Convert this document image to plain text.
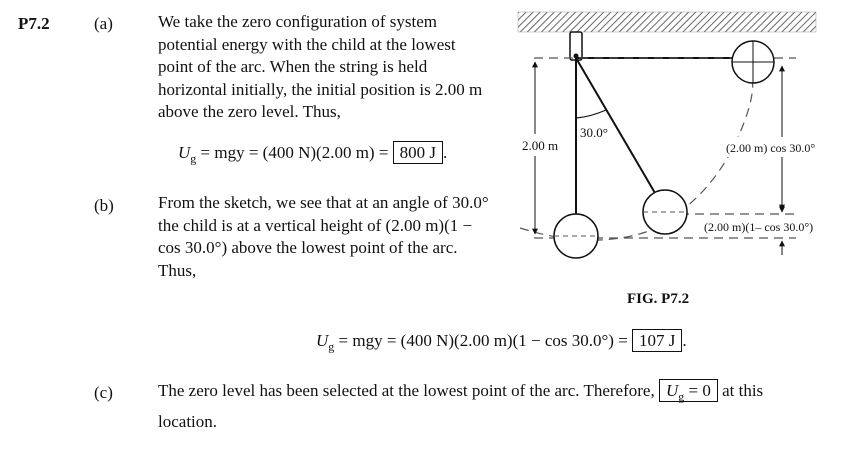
P7.2	(a)	We take the zero configuration of system potential energy with the child at the lowest point of the arc. When the string is held horizontal initially, the initial position is 2.00 m above the zero level. Thus,
$U_g$ = mgy = (400 N)(2.00 m) = 800 J .
(b)	From the sketch, we see that at an angle of 30.0° the child is at a vertical height of (2.00 m)(1 − cos 30.0°) above the lowest point of the arc. Thus,
$U_g$ = mgy = (400 N)(2.00 m)(1 − cos 30.0°) = 107 J .
(c)	The zero level has been selected at the lowest point of the arc. Therefore, $U_g = 0$ at this
location.
2.00 m
30.0°
(2.00 m) cos 30.0°
(2.00 m)(1– cos 30.0°)
FIG. P7.2
